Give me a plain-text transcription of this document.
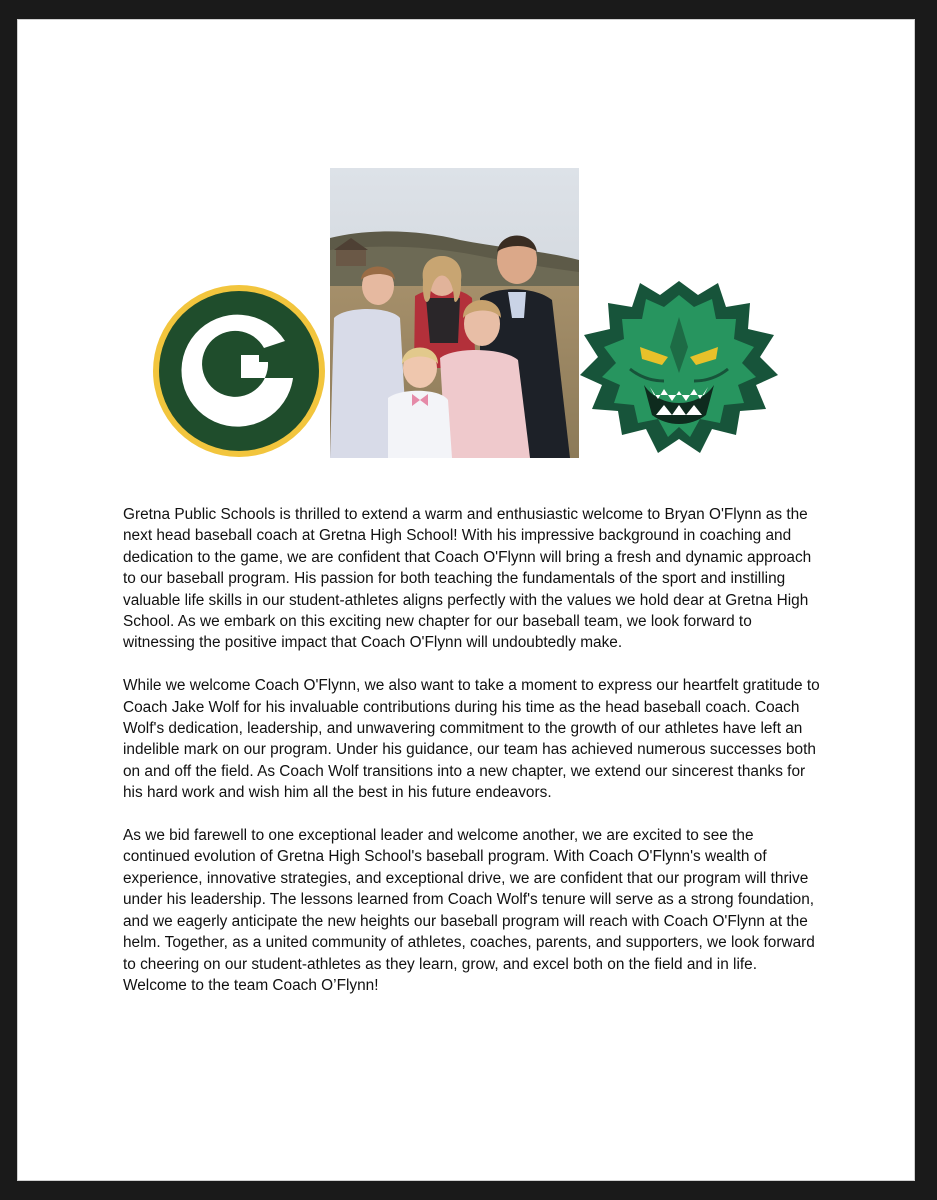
Gretna Public Schools is thrilled to extend a warm and enthusiastic welcome to Bryan O'Flynn as the next head baseball coach at Gretna High School! With his impressive background in coaching and dedication to the game, we are confident that Coach O'Flynn will bring a fresh and dynamic approach to our baseball program. His passion for both teaching the fundamentals of the sport and instilling valuable life skills in our student-athletes aligns perfectly with the values we hold dear at Gretna High School. As we embark on this exciting new chapter for our baseball team, we look forward to witnessing the positive impact that Coach O'Flynn will undoubtedly make.

While we welcome Coach O'Flynn, we also want to take a moment to express our heartfelt gratitude to Coach Jake Wolf for his invaluable contributions during his time as the head baseball coach. Coach Wolf's dedication, leadership, and unwavering commitment to the growth of our athletes have left an indelible mark on our program. Under his guidance, our team has achieved numerous successes both on and off the field. As Coach Wolf transitions into a new chapter, we extend our sincerest thanks for his hard work and wish him all the best in his future endeavors.

As we bid farewell to one exceptional leader and welcome another, we are excited to see the continued evolution of Gretna High School's baseball program. With Coach O'Flynn's wealth of experience, innovative strategies, and exceptional drive, we are confident that our program will thrive under his leadership. The lessons learned from Coach Wolf's tenure will serve as a strong foundation, and we eagerly anticipate the new heights our baseball program will reach with Coach O'Flynn at the helm. Together, as a united community of athletes, coaches, parents, and supporters, we look forward to cheering on our student-athletes as they learn, grow, and excel both on the field and in life. Welcome to the team Coach O’Flynn!
